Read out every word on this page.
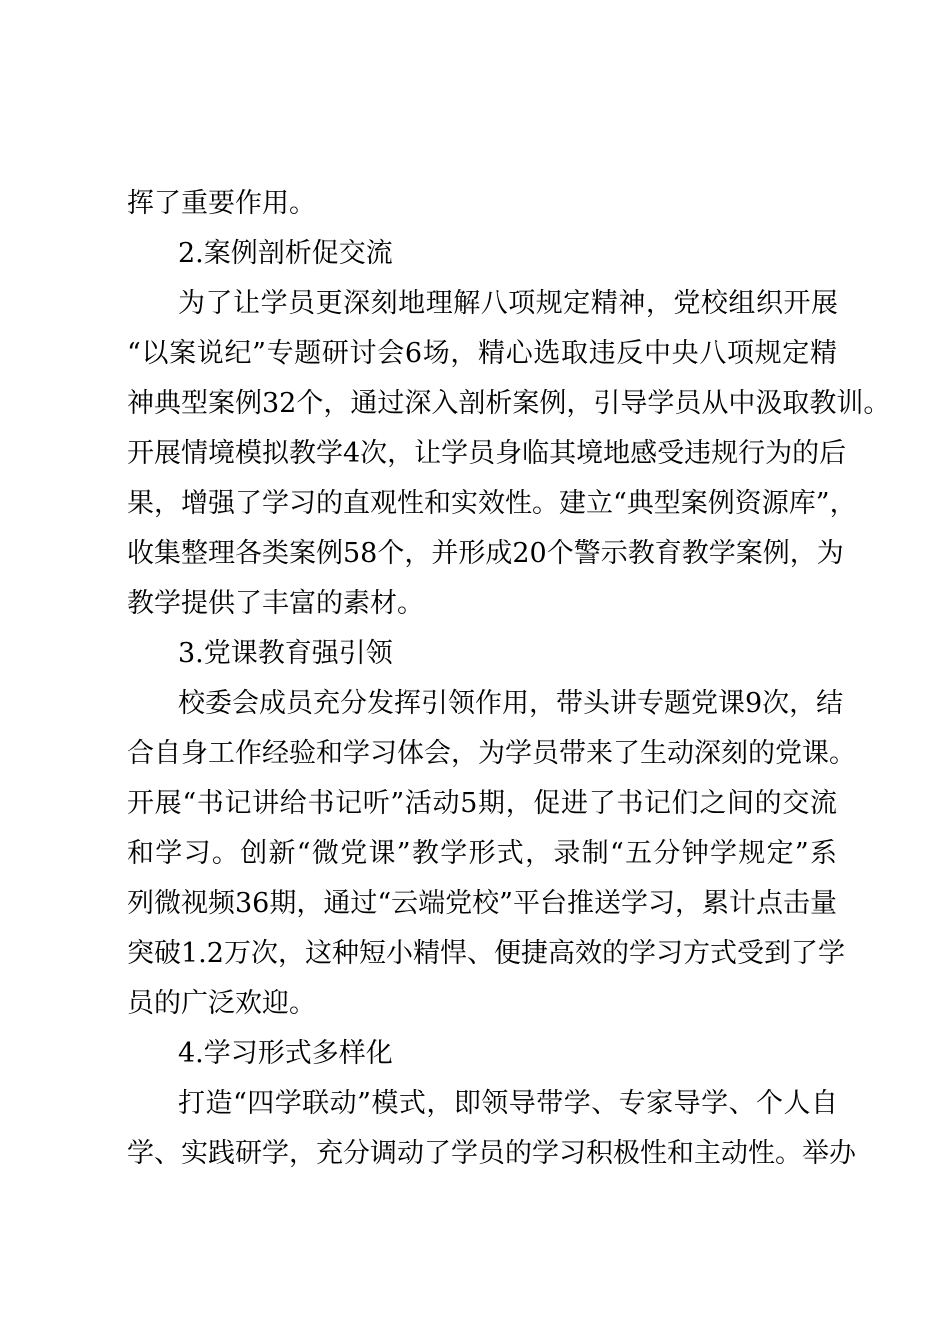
挥了重要作用。
2.案例剖析促交流
为了让学员更深刻地理解八项规定精神，党校组织开展
“以案说纪”专题研讨会6场，精心选取违反中央八项规定精
神典型案例32个，通过深入剖析案例，引导学员从中汲取教训。
开展情境模拟教学4次，让学员身临其境地感受违规行为的后
果，增强了学习的直观性和实效性。建立“典型案例资源库”，
收集整理各类案例58个，并形成20个警示教育教学案例，为
教学提供了丰富的素材。
3.党课教育强引领
校委会成员充分发挥引领作用，带头讲专题党课9次，结
合自身工作经验和学习体会，为学员带来了生动深刻的党课。
开展“书记讲给书记听”活动5期，促进了书记们之间的交流
和学习。创新“微党课”教学形式，录制“五分钟学规定”系
列微视频36期，通过“云端党校”平台推送学习，累计点击量
突破1.2万次，这种短小精悍、便捷高效的学习方式受到了学
员的广泛欢迎。
4.学习形式多样化
打造“四学联动”模式，即领导带学、专家导学、个人自
学、实践研学，充分调动了学员的学习积极性和主动性。举办
